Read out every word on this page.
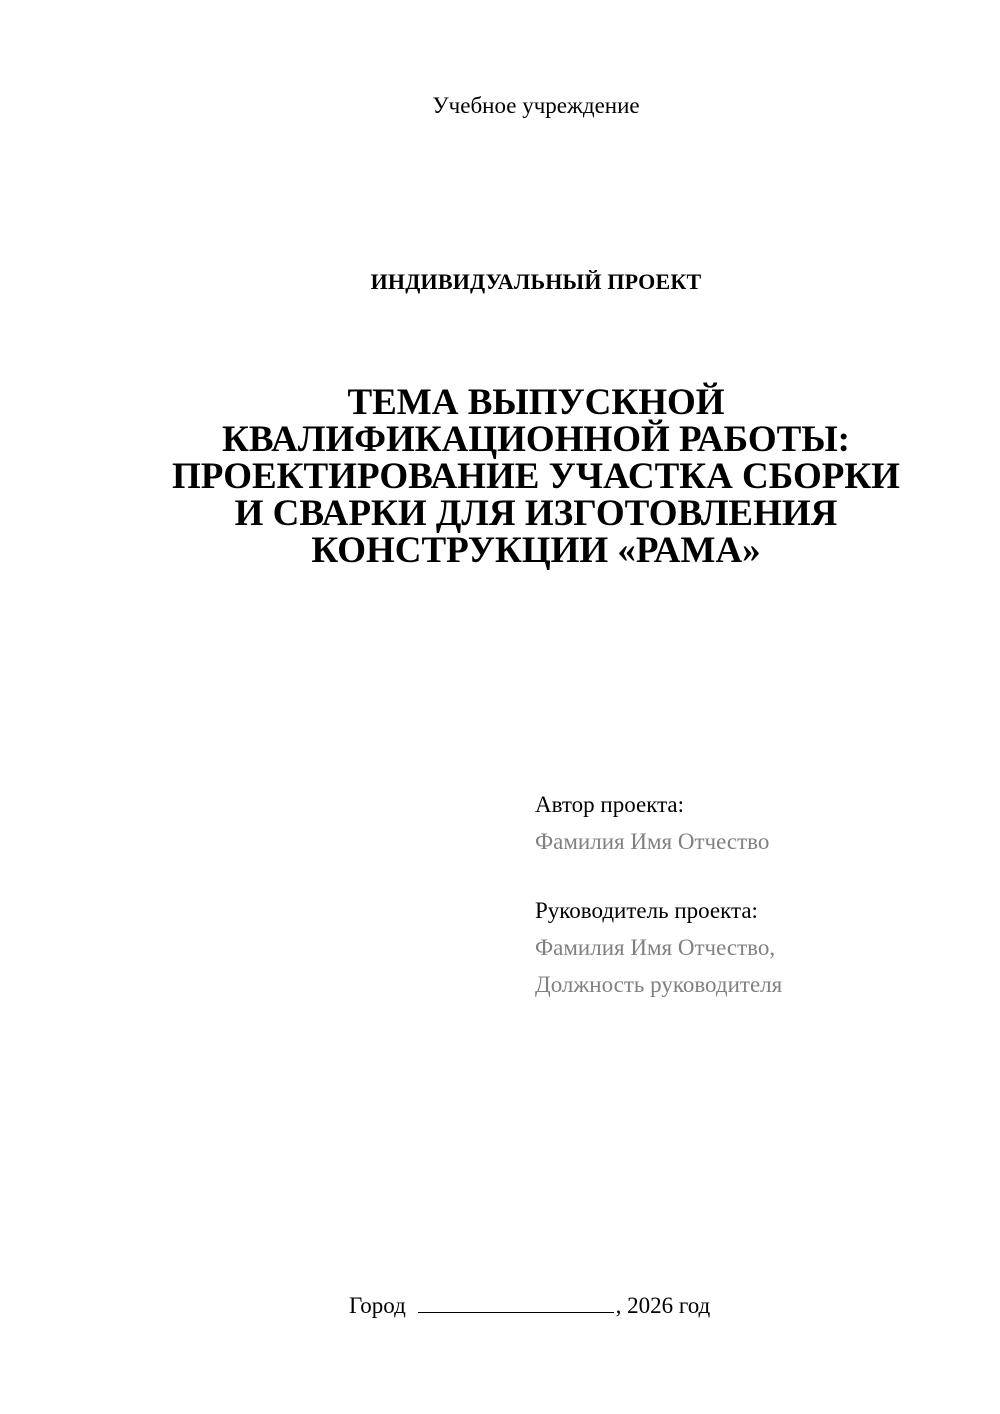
Учебное учреждение
ИНДИВИДУАЛЬНЫЙ ПРОЕКТ
ТЕМА ВЫПУСКНОЙ
КВАЛИФИКАЦИОННОЙ РАБОТЫ:
ПРОЕКТИРОВАНИЕ УЧАСТКА СБОРКИ
И СВАРКИ ДЛЯ ИЗГОТОВЛЕНИЯ
КОНСТРУКЦИИ «РАМА»
Автор проекта:
Фамилия Имя Отчество
Руководитель проекта:
Фамилия Имя Отчество,
Должность руководителя
Город	, 2026 год
